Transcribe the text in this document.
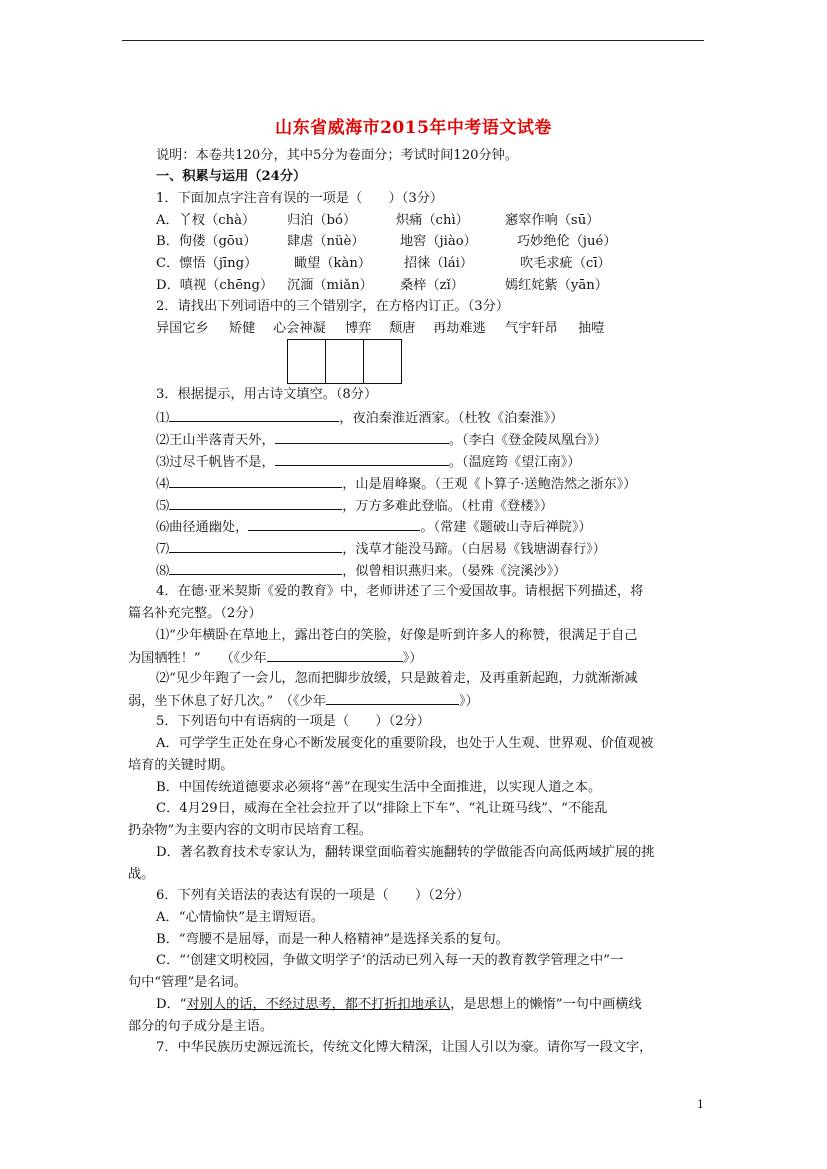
山东省威海市2015年中考语文试卷
说明：本卷共120分，其中5分为卷面分；考试时间120分钟。
一、积累与运用（24分）
1．下面加点字注音有误的一项是（　　）（3分）
A．丫杈（chà） 归泊（bó）	炽痛（chì）	窸窣作响（sū）
B．佝偻（gōu） 肆虐（nüè）	地窖（jiào）	巧妙绝伦（jué）
C．懔悟（jīng）	瞰望（kàn） 招徕（lái）	吹毛求疵（cī）
D．嗔视（chēng） 沉湎（miǎn） 桑梓（zǐ）	嫣红姹紫（yān）
2．请找出下列词语中的三个错别字，在方格内订正。（3分）
异国它乡 矫健 心会神凝 博弈 颓唐 再劫难逃 气宇轩昂 抽噎
3．根据提示，用古诗文填空。（8分）
⑴	，夜泊秦淮近酒家。（杜牧《泊秦淮》）
⑵王山半落青天外，	。（李白《登金陵凤凰台》）
⑶过尽千帆皆不是，	。（温庭筠《望江南》）
⑷	，山是眉峰聚。（王观《卜算子·送鲍浩然之浙东》）
⑸	，万方多难此登临。（杜甫《登楼》）
⑹曲径通幽处，	。（常建《题破山寺后禅院》）
⑺	，浅草才能没马蹄。（白居易《钱塘湖春行》）
⑻	，似曾相识燕归来。（晏殊《浣溪沙》）
4．在德·亚米契斯《爱的教育》中，老师讲述了三个爱国故事。请根据下列描述，将
篇名补充完整。（2分）
⑴“少年横卧在草地上，露出苍白的笑脸，好像是听到许多人的称赞，很满足于自己
为国牺牲！”　　（《少年	》）
⑵“见少年跑了一会儿，忽而把脚步放缓，只是跛着走，及再重新起跑，力就渐渐减
弱，坐下休息了好几次。”　（《少年	》）
5．下列语句中有语病的一项是（　　）（2分）
A．可学学生正处在身心不断发展变化的重要阶段，也处于人生观、世界观、价值观被
培育的关键时期。
B．中国传统道德要求必须将“善”在现实生活中全面推进，以实现人道之本。
C．4月29日，威海在全社会拉开了以“排除上下车”、“礼让斑马线”、“不能乱
扔杂物”为主要内容的文明市民培育工程。
D．著名教育技术专家认为，翻转课堂面临着实施翻转的学做能否向高低两域扩展的挑
战。
6．下列有关语法的表达有误的一项是（　　）（2分）
A．“心情愉快”是主谓短语。
B．“弯腰不是屈辱，而是一种人格精神”是选择关系的复句。
C．“‘创建文明校园，争做文明学子’的活动已列入每一天的教育教学管理之中”一
句中“管理”是名词。
D．“对别人的话，不经过思考，都不打折扣地承认，是思想上的懒惰”一句中画横线
部分的句子成分是主语。
7．中华民族历史源远流长，传统文化博大精深，让国人引以为豪。请你写一段文字，
1
